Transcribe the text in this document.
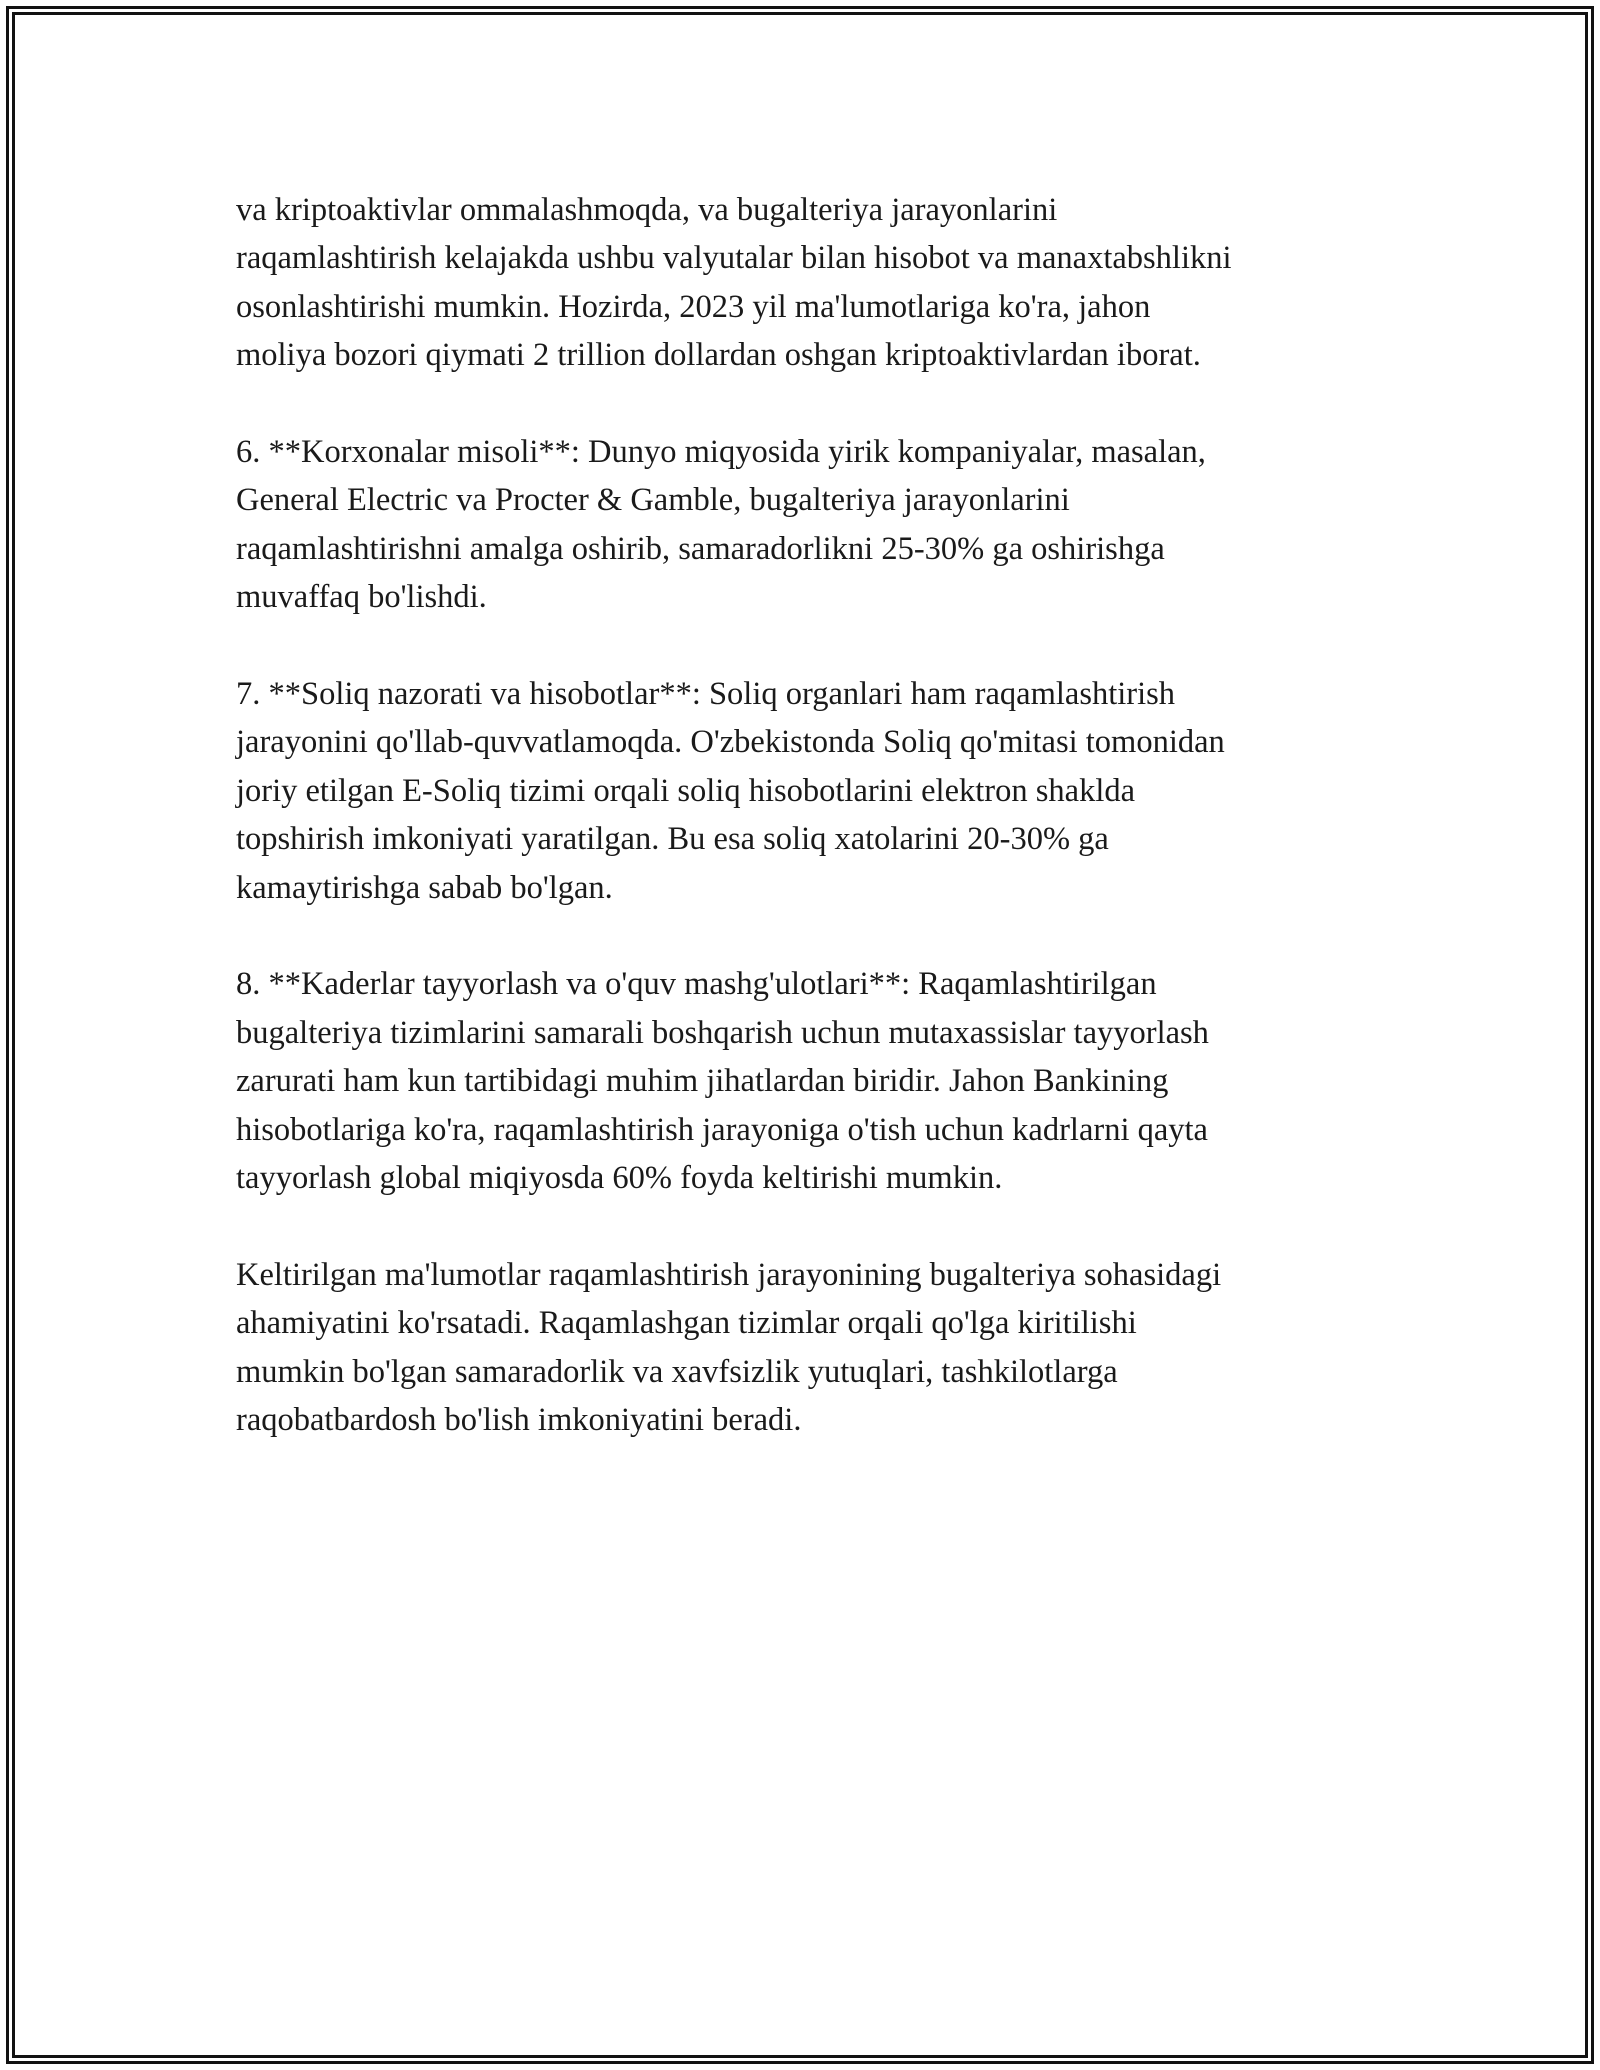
va kriptoaktivlar ommalashmoqda, va bugalteriya jarayonlarini
raqamlashtirish kelajakda ushbu valyutalar bilan hisobot va manaxtabshlikni
osonlashtirishi mumkin. Hozirda, 2023 yil ma'lumotlariga ko'ra, jahon
moliya bozori qiymati 2 trillion dollardan oshgan kriptoaktivlardan iborat.

6. **Korxonalar misoli**: Dunyo miqyosida yirik kompaniyalar, masalan,
General Electric va Procter & Gamble, bugalteriya jarayonlarini
raqamlashtirishni amalga oshirib, samaradorlikni 25-30% ga oshirishga
muvaffaq bo'lishdi.

7. **Soliq nazorati va hisobotlar**: Soliq organlari ham raqamlashtirish
jarayonini qo'llab-quvvatlamoqda. O'zbekistonda Soliq qo'mitasi tomonidan
joriy etilgan E-Soliq tizimi orqali soliq hisobotlarini elektron shaklda
topshirish imkoniyati yaratilgan. Bu esa soliq xatolarini 20-30% ga
kamaytirishga sabab bo'lgan.

8. **Kaderlar tayyorlash va o'quv mashg'ulotlari**: Raqamlashtirilgan
bugalteriya tizimlarini samarali boshqarish uchun mutaxassislar tayyorlash
zarurati ham kun tartibidagi muhim jihatlardan biridir. Jahon Bankining
hisobotlariga ko'ra, raqamlashtirish jarayoniga o'tish uchun kadrlarni qayta
tayyorlash global miqiyosda 60% foyda keltirishi mumkin.

Keltirilgan ma'lumotlar raqamlashtirish jarayonining bugalteriya sohasidagi
ahamiyatini ko'rsatadi. Raqamlashgan tizimlar orqali qo'lga kiritilishi
mumkin bo'lgan samaradorlik va xavfsizlik yutuqlari, tashkilotlarga
raqobatbardosh bo'lish imkoniyatini beradi.
